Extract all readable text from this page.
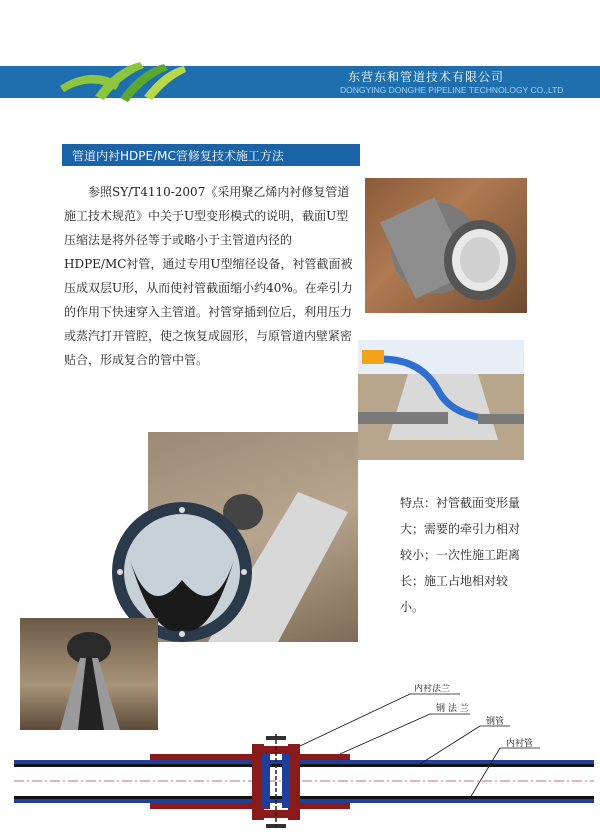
东营东和管道技术有限公司
DONGYING DONGHE PIPELINE TECHNOLOGY CO.,LTD
管道内衬HDPE/MC管修复技术施工方法
参照SY/T4110-2007《采用聚乙烯内衬修复管道施工技术规范》中关于U型变形模式的说明，截面U型压缩法是将外径等于或略小于主管道内径的HDPE/MC衬管，通过专用U型缩径设备，衬管截面被压成双层U形，从而使衬管截面缩小约40%。在牵引力的作用下快速穿入主管道。衬管穿插到位后，利用压力或蒸汽打开管腔，使之恢复成圆形，与原管道内壁紧密贴合，形成复合的管中管。
特点：衬管截面变形量大；需要的牵引力相对较小；一次性施工距离长；施工占地相对较小。
内衬法兰
钢 法 兰
钢管
内衬管
